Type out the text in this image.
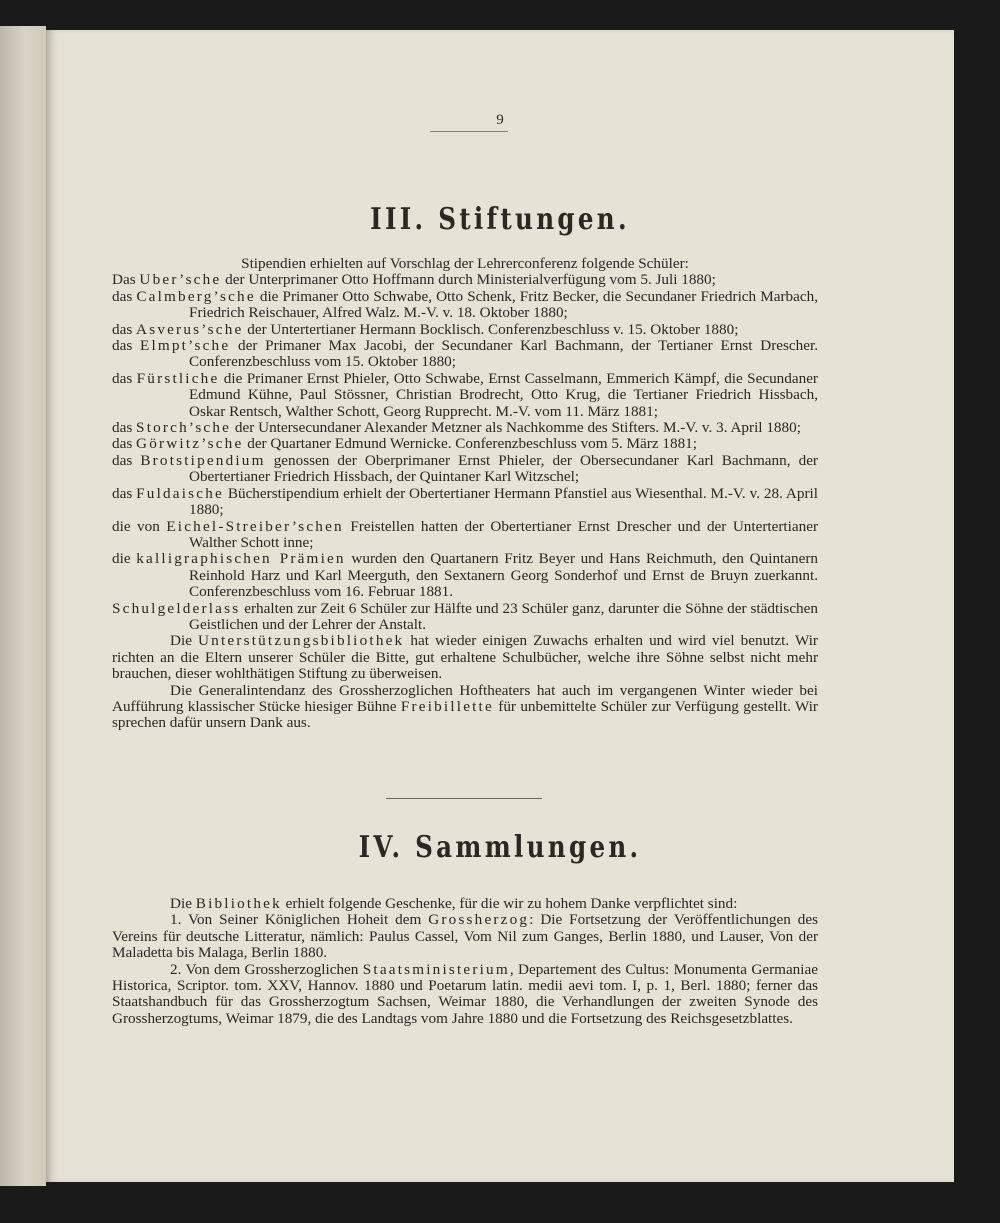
9
III. Stiftungen.

Stipendien erhielten auf Vorschlag der Lehrerconferenz folgende Schüler:

Das Uber’sche der Unterprimaner Otto Hoffmann durch Ministerialverfügung vom 5. Juli 1880;

das Calmberg’sche die Primaner Otto Schwabe, Otto Schenk, Fritz Becker, die Secundaner Friedrich Marbach, Friedrich Reischauer, Alfred Walz. M.-V. v. 18. Oktober 1880;

das Asverus’sche der Untertertianer Hermann Bocklisch. Conferenzbeschluss v. 15. Oktober 1880;

das Elmpt’sche der Primaner Max Jacobi, der Secundaner Karl Bachmann, der Tertianer Ernst Drescher. Conferenzbeschluss vom 15. Oktober 1880;

das Fürstliche die Primaner Ernst Phieler, Otto Schwabe, Ernst Casselmann, Emmerich Kämpf, die Secundaner Edmund Kühne, Paul Stössner, Christian Brodrecht, Otto Krug, die Tertianer Friedrich Hissbach, Oskar Rentsch, Walther Schott, Georg Rupprecht. M.-V. vom 11. März 1881;

das Storch’sche der Untersecundaner Alexander Metzner als Nachkomme des Stifters. M.-V. v. 3. April 1880;

das Görwitz’sche der Quartaner Edmund Wernicke. Conferenzbeschluss vom 5. März 1881;

das Brotstipendium genossen der Oberprimaner Ernst Phieler, der Obersecundaner Karl Bachmann, der Obertertianer Friedrich Hissbach, der Quintaner Karl Witzschel;

das Fuldaische Bücherstipendium erhielt der Obertertianer Hermann Pfanstiel aus Wiesenthal. M.-V. v. 28. April 1880;

die von Eichel-Streiber’schen Freistellen hatten der Obertertianer Ernst Drescher und der Untertertianer Walther Schott inne;

die kalligraphischen Prämien wurden den Quartanern Fritz Beyer und Hans Reichmuth, den Quintanern Reinhold Harz und Karl Meerguth, den Sextanern Georg Sonderhof und Ernst de Bruyn zuerkannt. Conferenzbeschluss vom 16. Februar 1881.

Schulgelderlass erhalten zur Zeit 6 Schüler zur Hälfte und 23 Schüler ganz, darunter die Söhne der städtischen Geistlichen und der Lehrer der Anstalt.

Die Unterstützungsbibliothek hat wieder einigen Zuwachs erhalten und wird viel benutzt. Wir richten an die Eltern unserer Schüler die Bitte, gut erhaltene Schulbücher, welche ihre Söhne selbst nicht mehr brauchen, dieser wohlthätigen Stiftung zu überweisen.

Die Generalintendanz des Grossherzoglichen Hoftheaters hat auch im vergangenen Winter wieder bei Aufführung klassischer Stücke hiesiger Bühne Freibillette für unbemittelte Schüler zur Verfügung gestellt. Wir sprechen dafür unsern Dank aus.

IV. Sammlungen.

Die Bibliothek erhielt folgende Geschenke, für die wir zu hohem Danke verpflichtet sind:

1. Von Seiner Königlichen Hoheit dem Grossherzog: Die Fortsetzung der Veröffentlichungen des Vereins für deutsche Litteratur, nämlich: Paulus Cassel, Vom Nil zum Ganges, Berlin 1880, und Lauser, Von der Maladetta bis Malaga, Berlin 1880.

2. Von dem Grossherzoglichen Staatsministerium, Departement des Cultus: Monumenta Germaniae Historica, Scriptor. tom. XXV, Hannov. 1880 und Poetarum latin. medii aevi tom. I, p. 1, Berl. 1880; ferner das Staatshandbuch für das Grossherzogtum Sachsen, Weimar 1880, die Verhandlungen der zweiten Synode des Grossherzogtums, Weimar 1879, die des Landtags vom Jahre 1880 und die Fortsetzung des Reichsgesetzblattes.
